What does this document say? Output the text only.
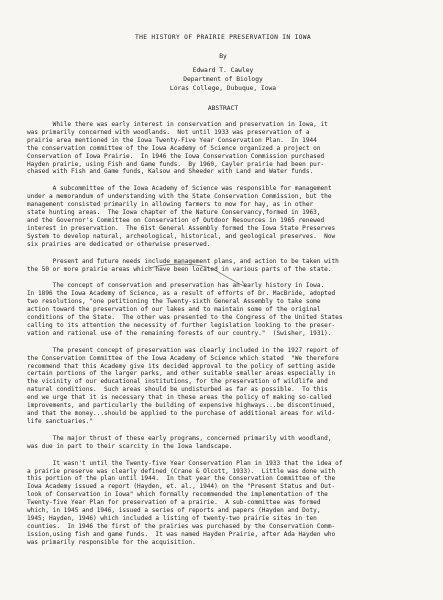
THE HISTORY OF PRAIRIE PRESERVATION IN IOWA
By
Edward T. Cawley
Department of Biology
Loras College, Dubuque, Iowa
ABSTRACT

While there was early interest in conservation and preservation in Iowa, it

was primarily concerned with woodlands.  Not until 1933 was preservation of a

prairie area mentioned in the Iowa Twenty-Five Year Conservation Plan.  In 1944

the conservation committee of the Iowa Academy of Science organized a project on

Conservation of Iowa Prairie.  In 1946 the Iowa Conservation Commission purchased

Hayden prairie, using Fish and Game funds.  By 1960, Cayler prairie had been pur-

chased with Fish and Game funds, Kalsow and Sheeder with Land and Water funds.

A subcommittee of the Iowa Academy of Science was responsible for management

under a memorandum of understanding with the State Conservation Commission, but the

management consisted primarily in allowing farmers to mow for hay, as in other

state hunting areas.  The Iowa chapter of the Nature Conservancy,formed in 1963,

and the Governor's Committee on Conservation of Outdoor Resources in 1965 renewed

interest in preservation.  The 61st General Assembly formed the Iowa State Preserves

System to develop natural, archeological, historical, and geological preserves.  Now

six prairies are dedicated or otherwise preserved.

Present and future needs include management plans, and action to be taken with

the 50 or more prairie areas which have been located in various parts of the state.

The concept of conservation and preservation has an early history in Iowa.

In 1896 the Iowa Academy of Science, as a result of efforts of Dr. MacBride, adopted

two resolutions, "one petitioning the Twenty-sixth General Assembly to take some

action toward the preservation of our lakes and to maintain some of the original

conditions of the State.  The other was presented to the Congress of the United States

calling to its attention the necessity of further legislation looking to the preser-

vation and rational use of the remaining forests of our country."  (Swisher, 1931).

The present concept of preservation was clearly included in the 1927 report of

the Conservation Committee of the Iowa Academy of Science which stated  "We therefore

recommend that this Academy give its decided approval to the policy of setting aside

certain portions of the larger parks, and other suitable smaller areas especially in

the vicinity of our educational institutions, for the preservation of wildlife and

natural conditions.  Such areas should be undisturbed as far as possible.  To this

end we urge that it is necessary that in these areas the policy of making so-called

improvements, and particularly the building of expensive highways...be discontinued,

and that the money...should be applied to the purchase of additional areas for wild-

life sanctuaries."

The major thrust of these early programs, concerned primarily with woodland,

was due in part to their scarcity in the Iowa landscape.

It wasn't until the Twenty-five Year Conservation Plan in 1933 that the idea of

a prairie preserve was clearly defined (Crane & Olcott, 1933).  Little was done with

this portion of the plan until 1944.  In that year the Conservation Committee of the

Iowa Academy issued a report (Hayden, et. al., 1944) on the "Present Status and Out-

look of Conservation in Iowa" which formally recommended the implementation of the

Twenty-five Year Plan for preservation of a prairie.  A sub-committee was formed

which, in 1945 and 1946, issued a series of reports and papers (Hayden and Doty,

1945; Hayden, 1946) which included a listing of twenty-two prairie sites in ten

counties.  In 1946 the first of the prairies was purchased by the Conservation Comm-

ission,using fish and game funds.  It was named Hayden Prairie, after Ada Hayden who

was primarily responsible for the acquisition.
